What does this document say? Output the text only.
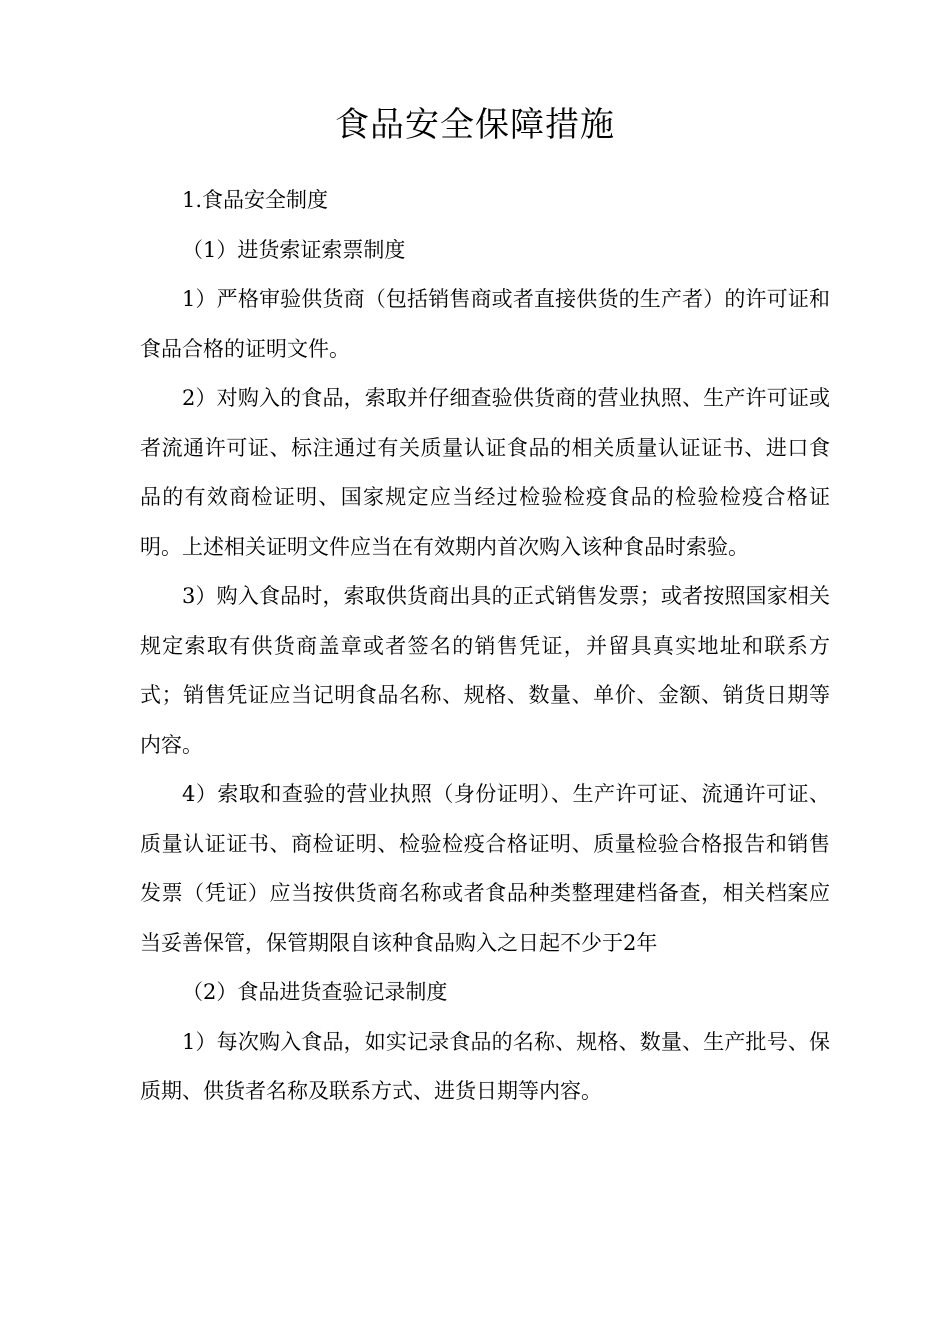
食品安全保障措施

1.食品安全制度

（1）进货索证索票制度

1）严格审验供货商（包括销售商或者直接供货的生产者）的许可证和食品合格的证明文件。

2）对购入的食品，索取并仔细查验供货商的营业执照、生产许可证或者流通许可证、标注通过有关质量认证食品的相关质量认证证书、进口食品的有效商检证明、国家规定应当经过检验检疫食品的检验检疫合格证明。上述相关证明文件应当在有效期内首次购入该种食品时索验。

3）购入食品时，索取供货商出具的正式销售发票；或者按照国家相关规定索取有供货商盖章或者签名的销售凭证，并留具真实地址和联系方式；销售凭证应当记明食品名称、规格、数量、单价、金额、销货日期等内容。

4）索取和查验的营业执照（身份证明）、生产许可证、流通许可证、质量认证证书、商检证明、检验检疫合格证明、质量检验合格报告和销售发票（凭证）应当按供货商名称或者食品种类整理建档备查，相关档案应当妥善保管，保管期限自该种食品购入之日起不少于2年

（2）食品进货查验记录制度

1）每次购入食品，如实记录食品的名称、规格、数量、生产批号、保质期、供货者名称及联系方式、进货日期等内容。
